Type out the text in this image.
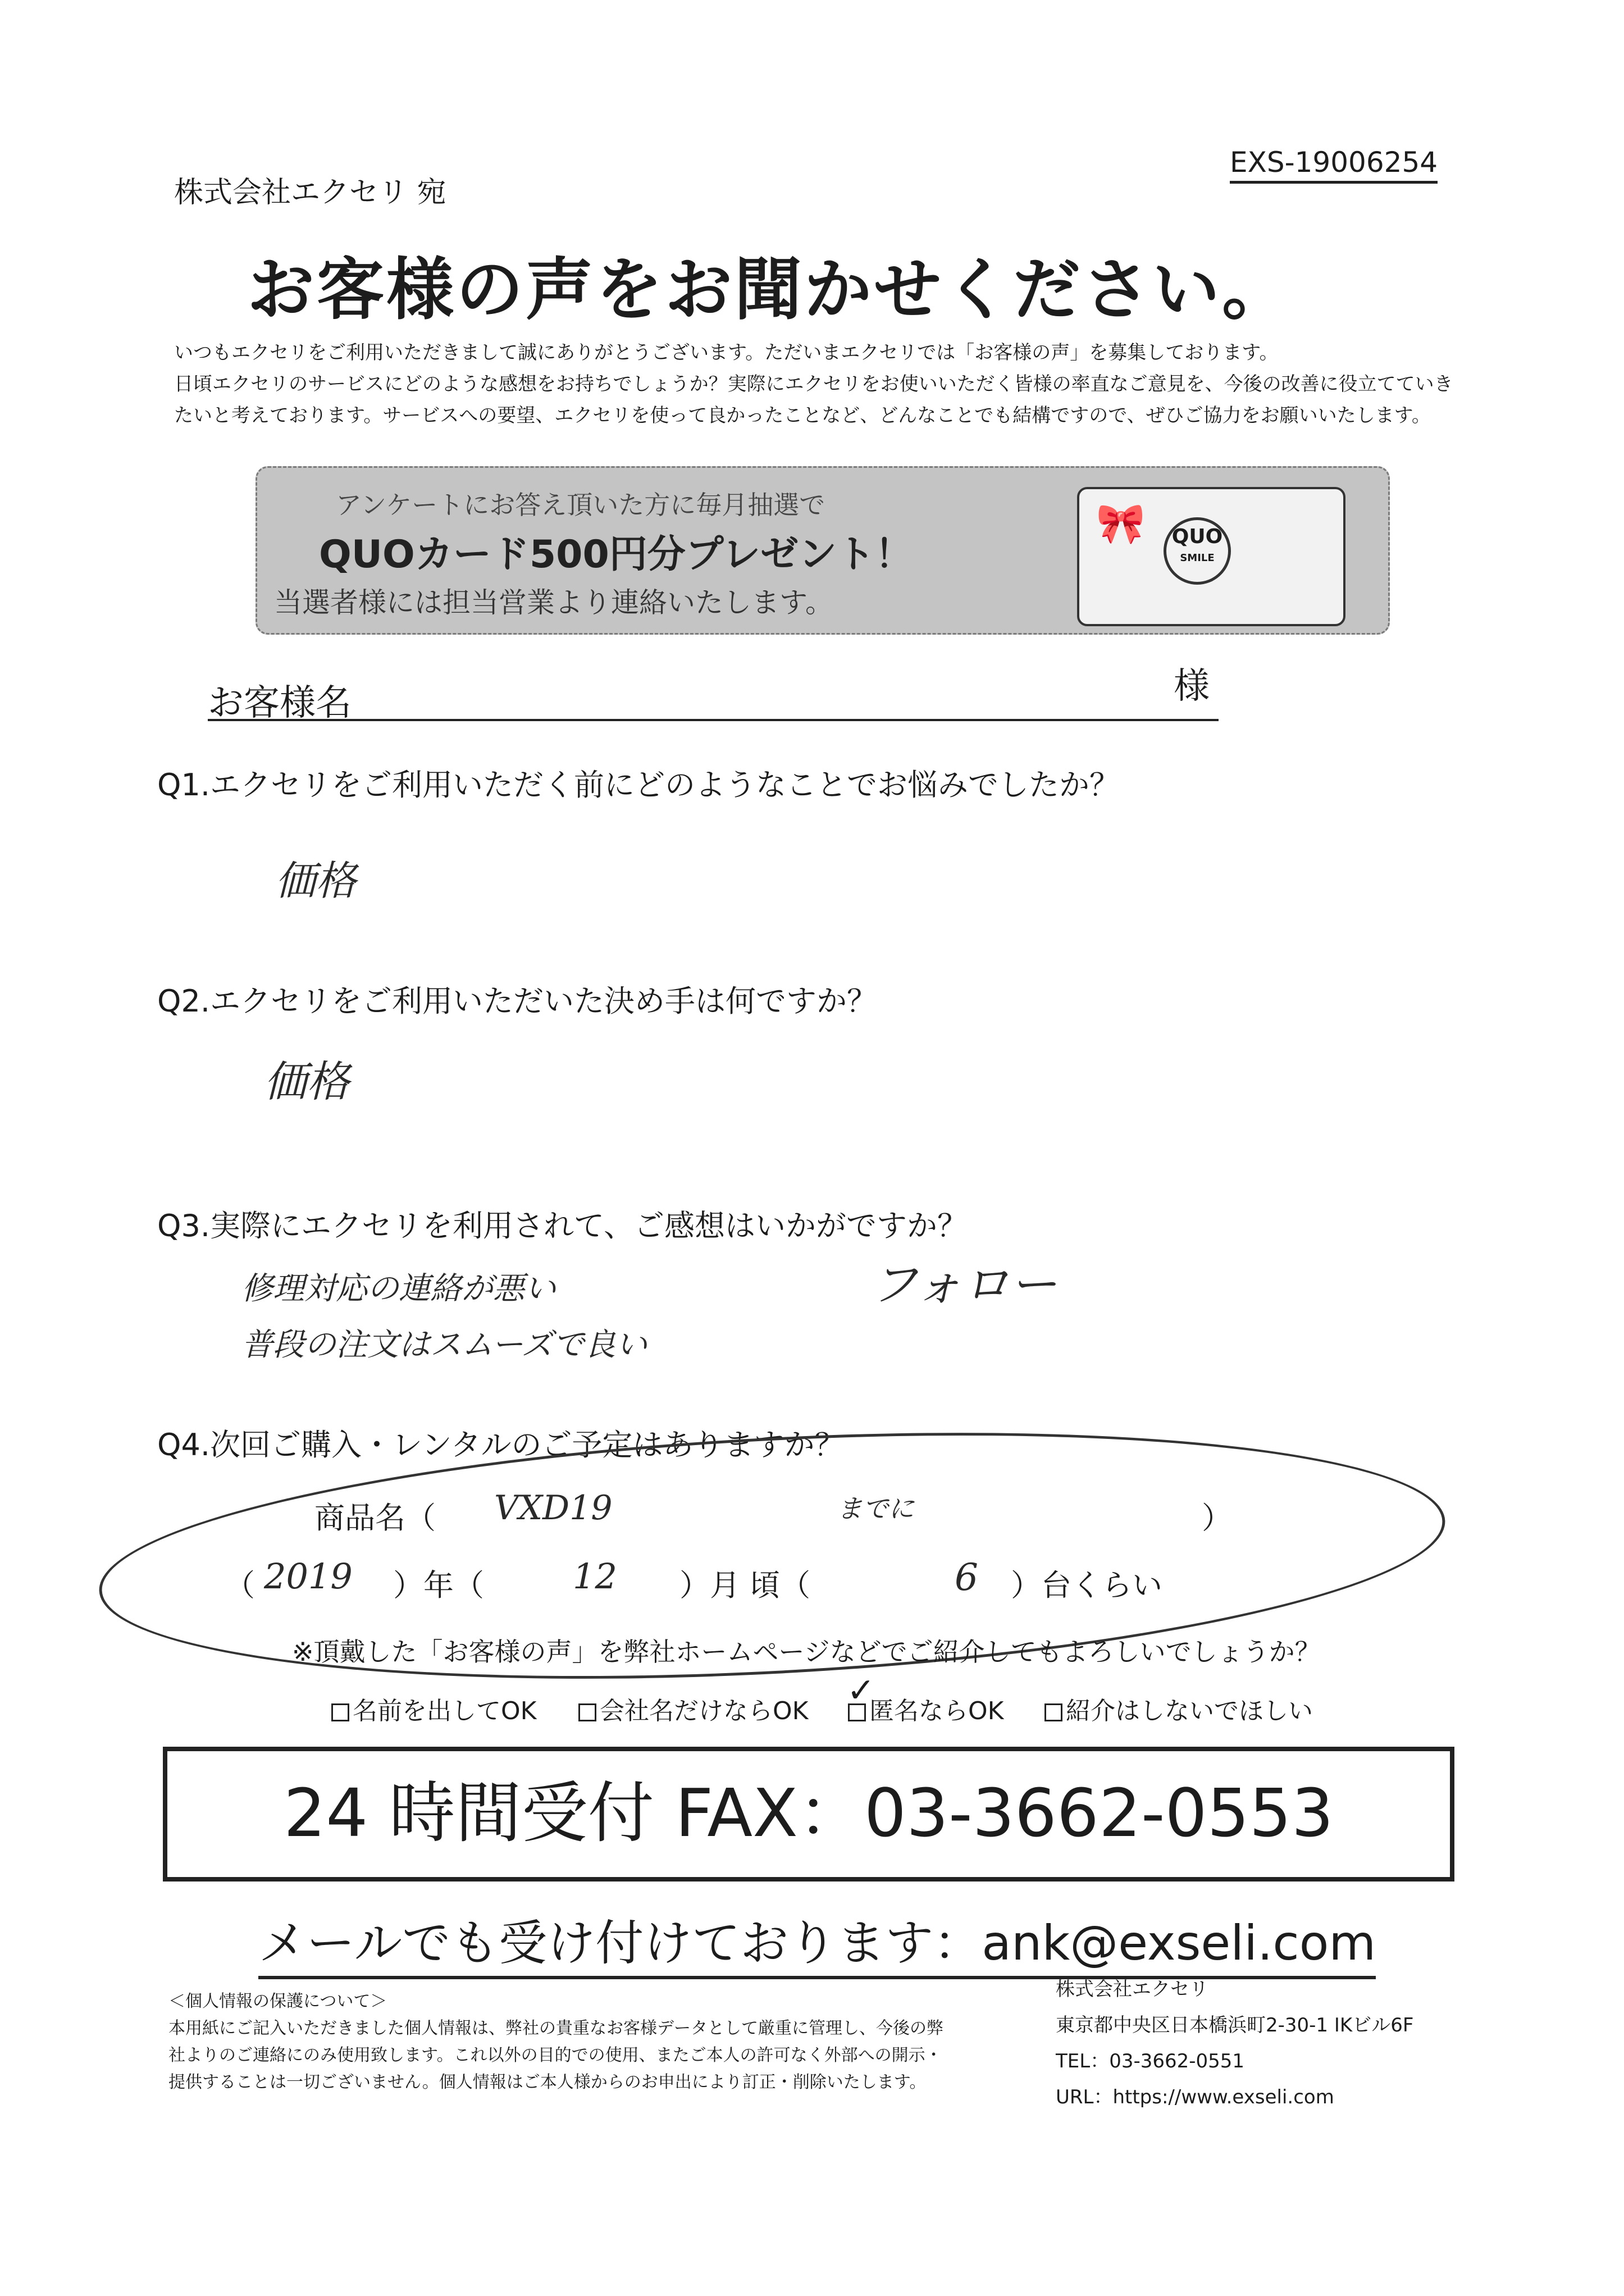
株式会社エクセリ 宛
EXS-19006254
お客様の声をお聞かせください。
いつもエクセリをご利用いただきまして誠にありがとうございます。ただいまエクセリでは「お客様の声」を募集しております。
日頃エクセリのサービスにどのような感想をお持ちでしょうか？実際にエクセリをお使いいただく皆様の率直なご意見を、今後の改善に役立てていき
たいと考えております。サービスへの要望、エクセリを使って良かったことなど、どんなことでも結構ですので、ぜひご協力をお願いいたします。
アンケートにお答え頂いた方に毎月抽選で
QUOカード500円分プレゼント！
当選者様には担当営業より連絡いたします。
🎀	QUO
SMILE
お客様名	様
Q1.エクセリをご利用いただく前にどのようなことでお悩みでしたか？
価格
Q2.エクセリをご利用いただいた決め手は何ですか？
価格
Q3.実際にエクセリを利用されて、ご感想はいかがですか？
修理対応の連絡が悪い
普段の注文はスムーズで良い
フォロー
Q4.次回ご購入・レンタルのご予定はありますか？
商品名（ VXD19	）
（ 2019 ）年（	12 ）月 頃（
までに
6 ）台くらい
※頂戴した「お客様の声」を弊社ホームページなどでご紹介してもよろしいでしょうか？
名前を出してOK	会社名だけならOK	匿名ならOK
✓
紹介はしないでほしい
24 時間受付 FAX：03-3662-0553
メールでも受け付けております：ank@exseli.com
＜個人情報の保護について＞
本用紙にご記入いただきました個人情報は、弊社の貴重なお客様データとして厳重に管理し、今後の弊
社よりのご連絡にのみ使用致します。これ以外の目的での使用、またご本人の許可なく外部への開示・
提供することは一切ございません。個人情報はご本人様からのお申出により訂正・削除いたします。
株式会社エクセリ
東京都中央区日本橋浜町2-30-1 IKビル6F
TEL：03-3662-0551
URL：https://www.exseli.com
